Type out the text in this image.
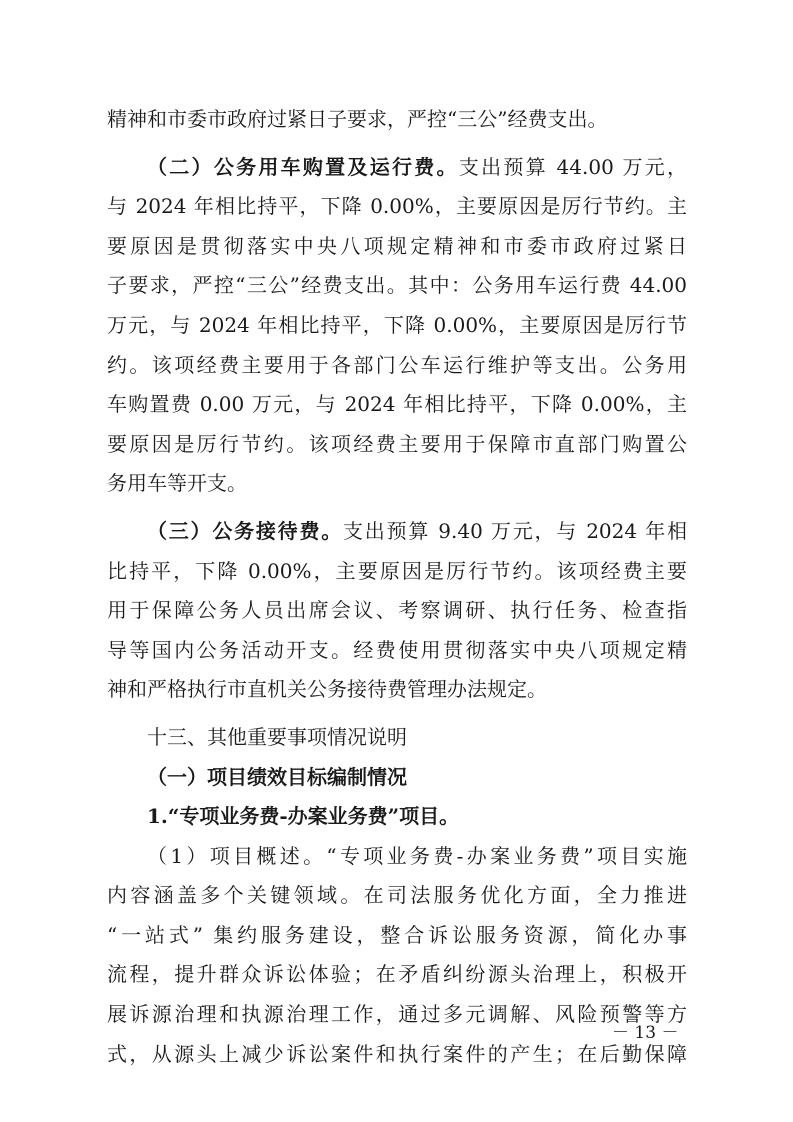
精神和市委市政府过紧日子要求，严控“三公”经费支出。
（二）公务用车购置及运行费。支出预算 44.00 万元，
与 2024 年相比持平，下降 0.00%，主要原因是厉行节约。主
要原因是贯彻落实中央八项规定精神和市委市政府过紧日
子要求，严控“三公”经费支出。其中：公务用车运行费 44.00
万元，与 2024 年相比持平，下降 0.00%，主要原因是厉行节
约。该项经费主要用于各部门公车运行维护等支出。公务用
车购置费 0.00 万元，与 2024 年相比持平，下降 0.00%，主
要原因是厉行节约。该项经费主要用于保障市直部门购置公
务用车等开支。
（三）公务接待费。支出预算 9.40 万元，与 2024 年相
比持平，下降 0.00%，主要原因是厉行节约。该项经费主要
用于保障公务人员出席会议、考察调研、执行任务、检查指
导等国内公务活动开支。经费使用贯彻落实中央八项规定精
神和严格执行市直机关公务接待费管理办法规定。
十三、其他重要事项情况说明
（一）项目绩效目标编制情况
1.“专项业务费-办案业务费”项目。
（1）项目概述。“专项业务费-办案业务费”项目实施
内容涵盖多个关键领域。在司法服务优化方面，全力推进
“一站式” 集约服务建设，整合诉讼服务资源，简化办事
流程，提升群众诉讼体验；在矛盾纠纷源头治理上，积极开
展诉源治理和执源治理工作，通过多元调解、风险预警等方
式，从源头上减少诉讼案件和执行案件的产生；在后勤保障
－ 13 －
